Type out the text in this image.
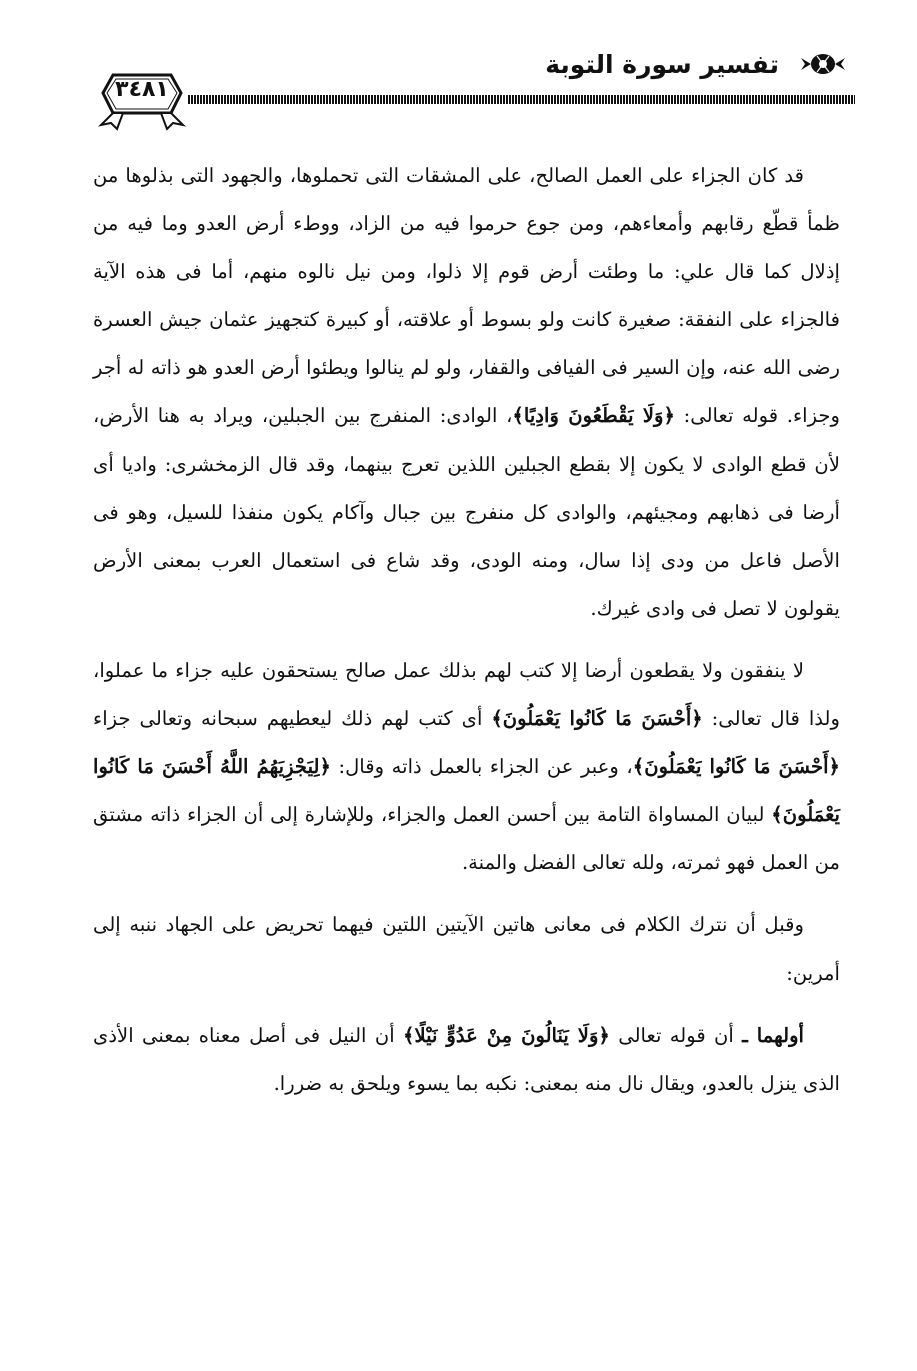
تفسير سورة التوبة
٣٤٨١

قد كان الجزاء على العمل الصالح، على المشقات التى تحملوها، والجهود التى بذلوها من ظمأ قطّع رقابهم وأمعاءهم، ومن جوع حرموا فيه من الزاد، ووطء أرض العدو وما فيه من إذلال كما قال علي: ما وطئت أرض قوم إلا ذلوا، ومن نيل نالوه منهم، أما فى هذه الآية فالجزاء على النفقة: صغيرة كانت ولو بسوط أو علاقته، أو كبيرة كتجهيز عثمان جيش العسرة رضى الله عنه، وإن السير فى الفيافى والقفار، ولو لم ينالوا ويطئوا أرض العدو هو ذاته له أجر وجزاء. قوله تعالى: ﴿وَلَا يَقْطَعُونَ وَادِيًا﴾، الوادى: المنفرج بين الجبلين، ويراد به هنا الأرض، لأن قطع الوادى لا يكون إلا بقطع الجبلين اللذين تعرج بينهما، وقد قال الزمخشرى: واديا أى أرضا فى ذهابهم ومجيئهم، والوادى كل منفرج بين جبال وآكام يكون منفذا للسيل، وهو فى الأصل فاعل من ودى إذا سال، ومنه الودى، وقد شاع فى استعمال العرب بمعنى الأرض يقولون لا تصل فى وادى غيرك.

لا ينفقون ولا يقطعون أرضا إلا كتب لهم بذلك عمل صالح يستحقون عليه جزاء ما عملوا، ولذا قال تعالى: ﴿أَحْسَنَ مَا كَانُوا يَعْمَلُونَ﴾ أى كتب لهم ذلك ليعطيهم سبحانه وتعالى جزاء ﴿أَحْسَنَ مَا كَانُوا يَعْمَلُونَ﴾، وعبر عن الجزاء بالعمل ذاته وقال: ﴿لِيَجْزِيَهُمُ اللَّهُ أَحْسَنَ مَا كَانُوا يَعْمَلُونَ﴾ لبيان المساواة التامة بين أحسن العمل والجزاء، وللإشارة إلى أن الجزاء ذاته مشتق من العمل فهو ثمرته، ولله تعالى الفضل والمنة.

وقبل أن نترك الكلام فى معانى هاتين الآيتين اللتين فيهما تحريض على الجهاد ننبه إلى أمرين:

أولهما ـ أن قوله تعالى ﴿وَلَا يَنَالُونَ مِنْ عَدُوٍّ نَيْلًا﴾ أن النيل فى أصل معناه بمعنى الأذى الذى ينزل بالعدو، ويقال نال منه بمعنى: نكبه بما يسوء ويلحق به ضررا.
